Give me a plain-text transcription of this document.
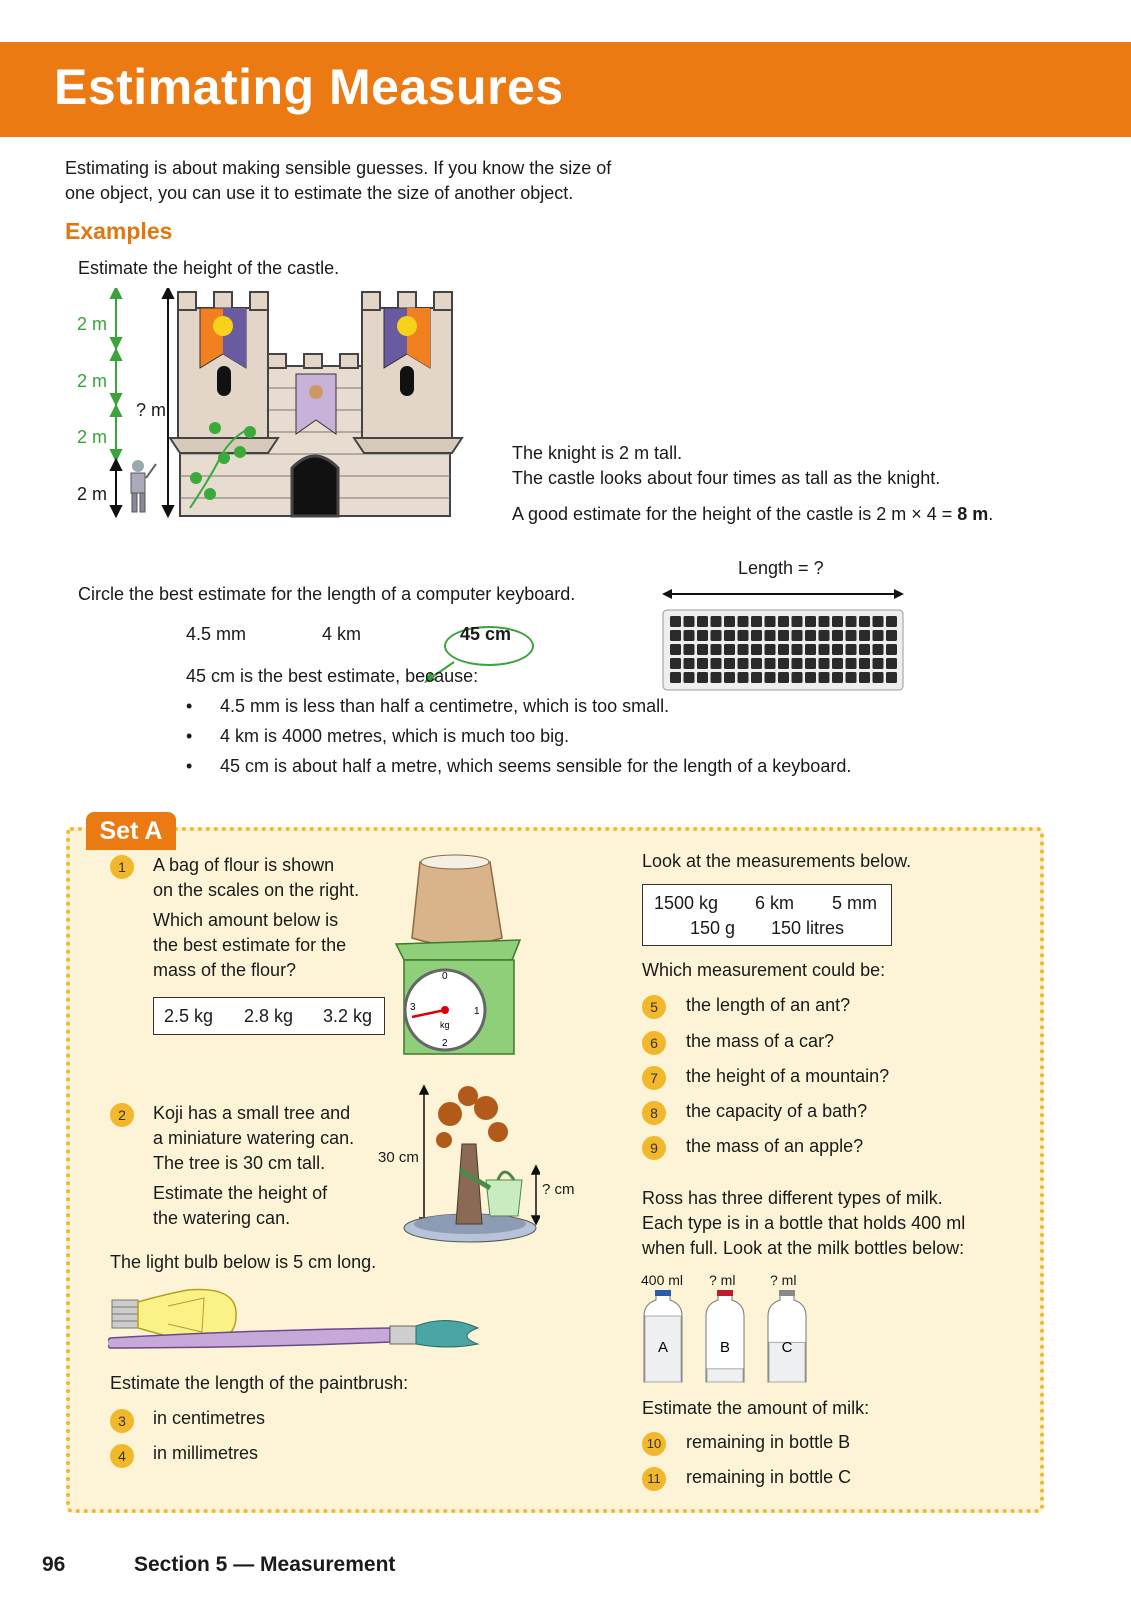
Estimating Measures
Estimating is about making sensible guesses. If you know the size of
one object, you can use it to estimate the size of another object.
Examples
Estimate the height of the castle.
2 m
2 m
2 m
2 m
? m
The knight is 2 m tall.
The castle looks about four times as tall as the knight.
A good estimate for the height of the castle is 2 m × 4 = 8 m.
Circle the best estimate for the length of a computer keyboard.
4.5 mm	4 km	45 cm
45 cm is the best estimate, because:
• 4.5 mm is less than half a centimetre, which is too small.
• 4 km is 4000 metres, which is much too big.
• 45 cm is about half a metre, which seems sensible for the length of a keyboard.
Length = ?
Set A
1	A bag of flour is shown
on the scales on the right.
Which amount below is
the best estimate for the
mass of the flour?
2.5 kg 2.8 kg 3.2 kg
0
1
2
3
kg
2	Koji has a small tree and
a miniature watering can.
The tree is 30 cm tall.
Estimate the height of
the watering can.
30 cm
? cm
The light bulb below is 5 cm long.
Estimate the length of the paintbrush:
3	in centimetres
4	in millimetres
Look at the measurements below.
1500 kg 6 km 5 mm
150 g 150 litres
Which measurement could be:
5	the length of an ant?
6	the mass of a car?
7	the height of a mountain?
8	the capacity of a bath?
9	the mass of an apple?
Ross has three different types of milk.
Each type is in a bottle that holds 400 ml
when full. Look at the milk bottles below:
400 ml ? ml ? ml
A	B	C
Estimate the amount of milk:
10 remaining in bottle B
11 remaining in bottle C
96	Section 5 — Measurement
